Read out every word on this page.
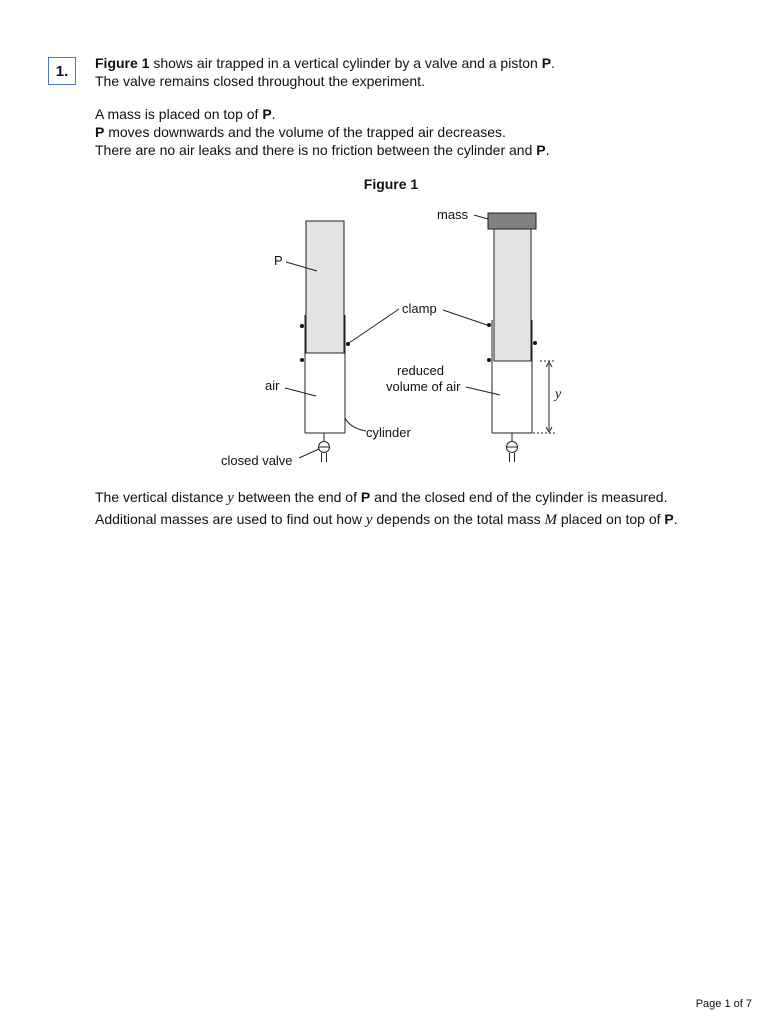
1.	Figure 1 shows air trapped in a vertical cylinder by a valve and a piston P.
The valve remains closed throughout the experiment.

A mass is placed on top of P.
P moves downwards and the volume of the trapped air decreases.
There are no air leaks and there is no friction between the cylinder and P.

Figure 1
P
air
closed valve
cylinder
clamp
mass
reduced
volume of air
y

The vertical distance y between the end of P and the closed end of the cylinder is measured.
Additional masses are used to find out how y depends on the total mass M placed on top of P.

Page 1 of 7
